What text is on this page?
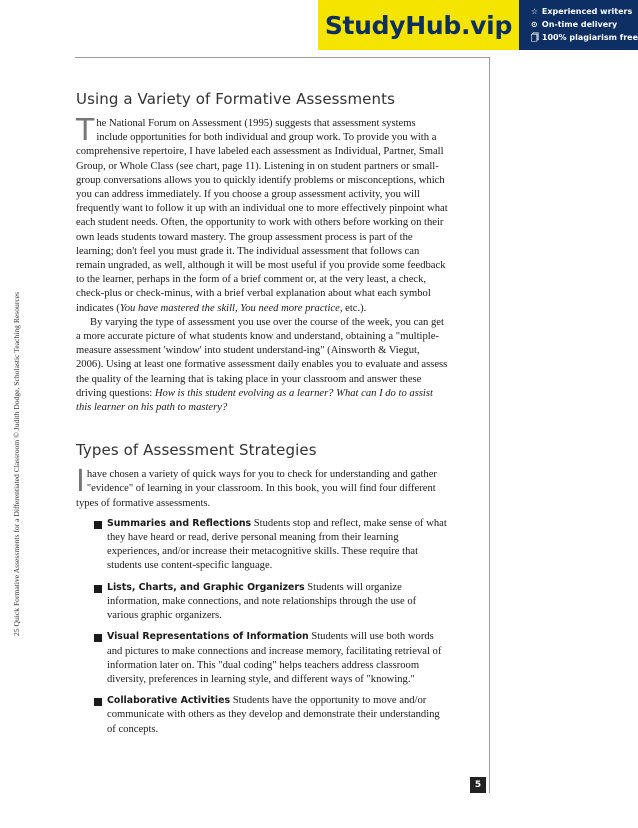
StudyHub.vip	☆ Experienced writers
⊙ On-time delivery
🗍 100% plagiarism free
25 Quick Formative Assessments for a Differentiated Classroom © Judith Dodge, Scholastic Teaching Resources
Using a Variety of Formative Assessments

The National Forum on Assessment (1995) suggests that assessment systems include opportunities for both individual and group work. To provide you with a comprehensive repertoire, I have labeled each assessment as Individual, Partner, Small Group, or Whole Class (see chart, page 11). Listening in on student partners or small-group conversations allows you to quickly identify problems or misconceptions, which you can address immediately. If you choose a group assessment activity, you will frequently want to follow it up with an individual one to more effectively pinpoint what each student needs. Often, the opportunity to work with others before working on their own leads students toward mastery. The group assessment process is part of the learning; don't feel you must grade it. The individual assessment that follows can remain ungraded, as well, although it will be most useful if you provide some feedback to the learner, perhaps in the form of a brief comment or, at the very least, a check, check-plus or check-minus, with a brief verbal explanation about what each symbol indicates (You have mastered the skill, You need more practice, etc.).

By varying the type of assessment you use over the course of the week, you can get a more accurate picture of what students know and understand, obtaining a "multiple-measure assessment 'window' into student understand-ing" (Ainsworth & Viegut, 2006). Using at least one formative assessment daily enables you to evaluate and assess the quality of the learning that is taking place in your classroom and answer these driving questions: How is this student evolving as a learner? What can I do to assist this learner on his path to mastery?

Types of Assessment Strategies

Ihave chosen a variety of quick ways for you to check for understanding and gather "evidence" of learning in your classroom. In this book, you will find four different types of formative assessments.

Summaries and Reflections Students stop and reflect, make sense of what they have heard or read, derive personal meaning from their learning experiences, and/or increase their metacognitive skills. These require that students use content-specific language.
Lists, Charts, and Graphic Organizers Students will organize information, make connections, and note relationships through the use of various graphic organizers.
Visual Representations of Information Students will use both words and pictures to make connections and increase memory, facilitating retrieval of information later on. This "dual coding" helps teachers address classroom diversity, preferences in learning style, and different ways of "knowing."
Collaborative Activities Students have the opportunity to move and/or communicate with others as they develop and demonstrate their understanding of concepts.
5
